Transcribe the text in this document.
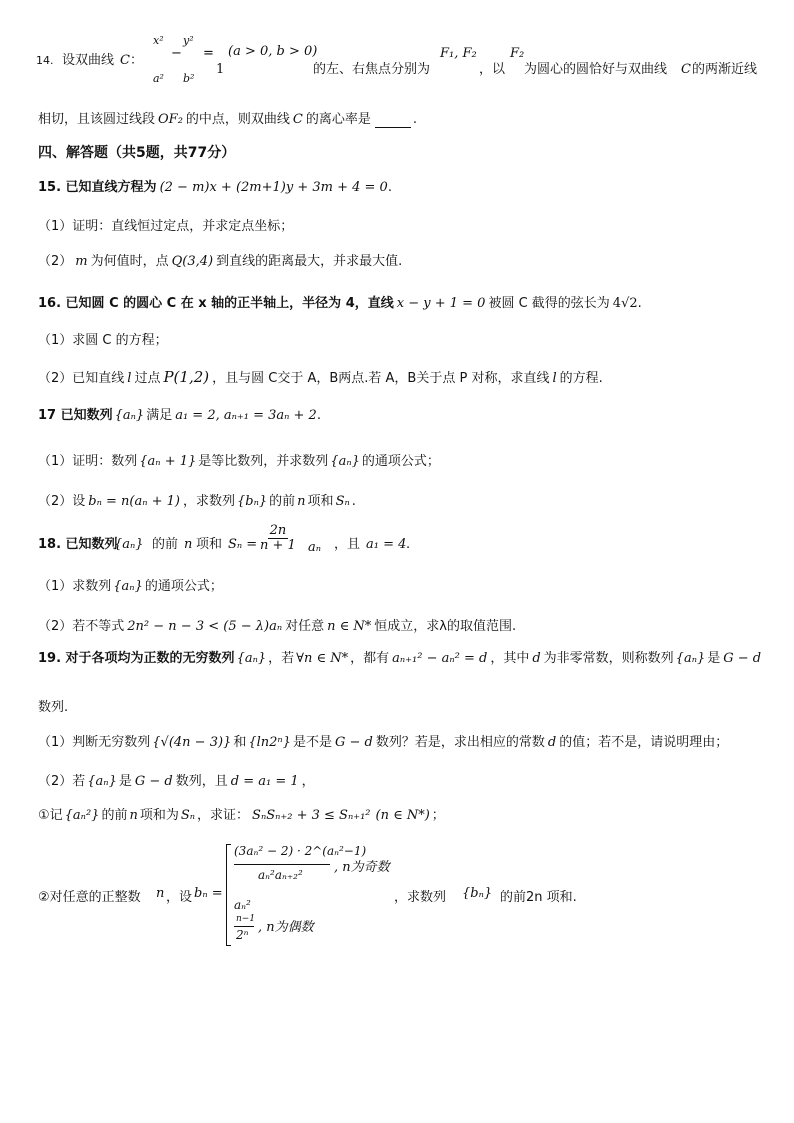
14. 设双曲线 C ：
x²
a²
−
y²
b²
=
1
(a > 0, b > 0)
的左、右焦点分别为
F₁, F₂
，以
F₂
为圆心的圆恰好与双曲线 C 的两渐近线
相切，且该圆过线段 OF₂ 的中点，则双曲线 C 的离心率是	.
四、解答题（共5题，共77分）
15. 已知直线方程为 (2 − m)x + (2m+1)y + 3m + 4 = 0.
（1）证明：直线恒过定点，并求定点坐标；
（2） m 为何值时，点 Q(3,4) 到直线的距离最大，并求最大值.
16. 已知圆 C 的圆心 C 在 x 轴的正半轴上，半径为 4，直线 x − y + 1 = 0 被圆 C 截得的弦长为 4√2.
（1）求圆 C 的方程；
（2）已知直线 l 过点 P(1,2) ，且与圆 C交于 A，B两点.若 A，B关于点 P 对称，求直线 l 的方程.
17 已知数列 {aₙ} 满足 a₁ = 2, aₙ₊₁ = 3aₙ + 2.
（1）证明：数列 {aₙ + 1} 是等比数列，并求数列 {aₙ} 的通项公式；
（2）设 bₙ = n(aₙ + 1) ，求数列 {bₙ} 的前 n 项和 Sₙ .
18. 已知数列
{aₙ} 的前 n 项和 $S_n = \frac{2n}{n + 1}$ aₙ ，且 a₁ = 4 .
（1）求数列 {aₙ} 的通项公式；
（2）若不等式 2n² − n − 3 < (5 − λ)aₙ 对任意 n ∈ N* 恒成立，求λ的取值范围.
19. 对于各项均为正数的无穷数列 {aₙ} ，若 ∀n ∈ N* ，都有 aₙ₊₁² − aₙ² = d ，其中 d 为非零常数，则称数列 {aₙ} 是 G − d
数列.
（1）判断无穷数列 {√(4n − 3)} 和 {ln2ⁿ} 是不是 G − d 数列？若是，求出相应的常数 d 的值；若不是，请说明理由；
（2）若 {aₙ} 是 G − d 数列，且 d = a₁ = 1 ，
①记 {aₙ²} 的前 n 项和为 Sₙ ，求证： SₙSₙ₊₂ + 3 ≤ Sₙ₊₁² (n ∈ N*) ；
②对任意的正整数 n ，设 bₙ =
(3aₙ² − 2) · 2^(aₙ²−1)
aₙ²aₙ₊₂² , n为奇数
aₙ²
n−1
2ⁿ , n为偶数
，求数列 {bₙ} 的前2n 项和.
